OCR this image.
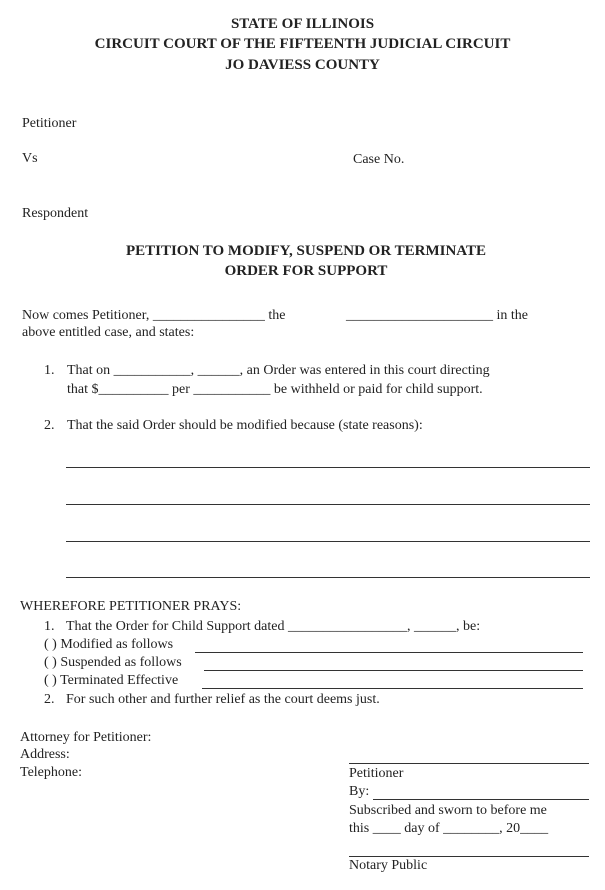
STATE OF ILLINOIS
CIRCUIT COURT OF THE FIFTEENTH JUDICIAL CIRCUIT
JO DAVIESS COUNTY
Petitioner
Vs	Case No.
Respondent
PETITION TO MODIFY, SUSPEND OR TERMINATE
ORDER FOR SUPPORT
Now comes Petitioner, ________________ the	_____________________ in the
above entitled case, and states:
1. That on ___________, ______, an Order was entered in this court directing
that $__________ per ___________ be withheld or paid for child support.
2. That the said Order should be modified because (state reasons):
WHEREFORE PETITIONER PRAYS:
1. That the Order for Child Support dated _________________, ______, be:
( ) Modified as follows
( ) Suspended as follows
( ) Terminated Effective
2. For such other and further relief as the court deems just.
Attorney for Petitioner:
Address:
Telephone:	Petitioner
By:
Subscribed and sworn to before me
this ____ day of ________, 20____
Notary Public
